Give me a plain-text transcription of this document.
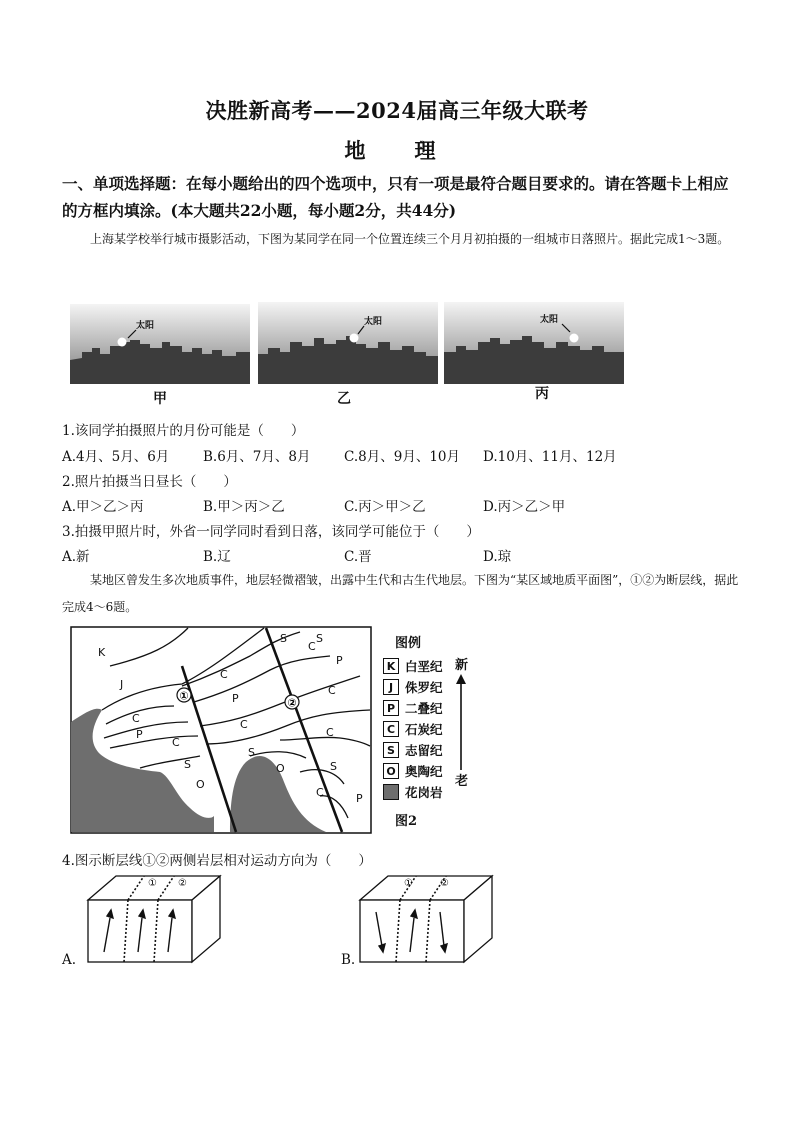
决胜新高考——2024届高三年级大联考
地　理
一、单项选择题：在每小题给出的四个选项中，只有一项是最符合题目要求的。请在答题卡上相应的方框内填涂。(本大题共22小题，每小题2分，共44分)
上海某学校举行城市摄影活动，下图为某同学在同一个位置连续三个月月初拍摄的一组城市日落照片。据此完成1～3题。
太阳	太阳	太阳
甲	乙	丙
1.该同学拍摄照片的月份可能是（　　）
A.4月、5月、6月 B.6月、7月、8月 C.8月、9月、10月 D.10月、11月、12月
2.照片拍摄当日昼长（　　）
A.甲＞乙＞丙	B.甲＞丙＞乙	C.丙＞甲＞乙	D.丙＞乙＞甲
3.拍摄甲照片时，外省一同学同时看到日落，该同学可能位于（　　）
A.新	B.辽	C.晋	D.琼
某地区曾发生多次地质事件，地层轻微褶皱，出露中生代和古生代地层。下图为“某区域地质平面图”，①②为断层线，据此完成4～6题。
①
②
K
J
C
P
C
S
O
C
P
C
S
O
S	S
C
P
C
C
S
C	P
图例
K 白垩纪
J 侏罗纪
P 二叠纪
C 石炭纪
S 志留纪
O 奥陶纪
花岗岩
新
老
图2
4.图示断层线①②两侧岩层相对运动方向为（　　）
① ②
A.
①	②
B.
